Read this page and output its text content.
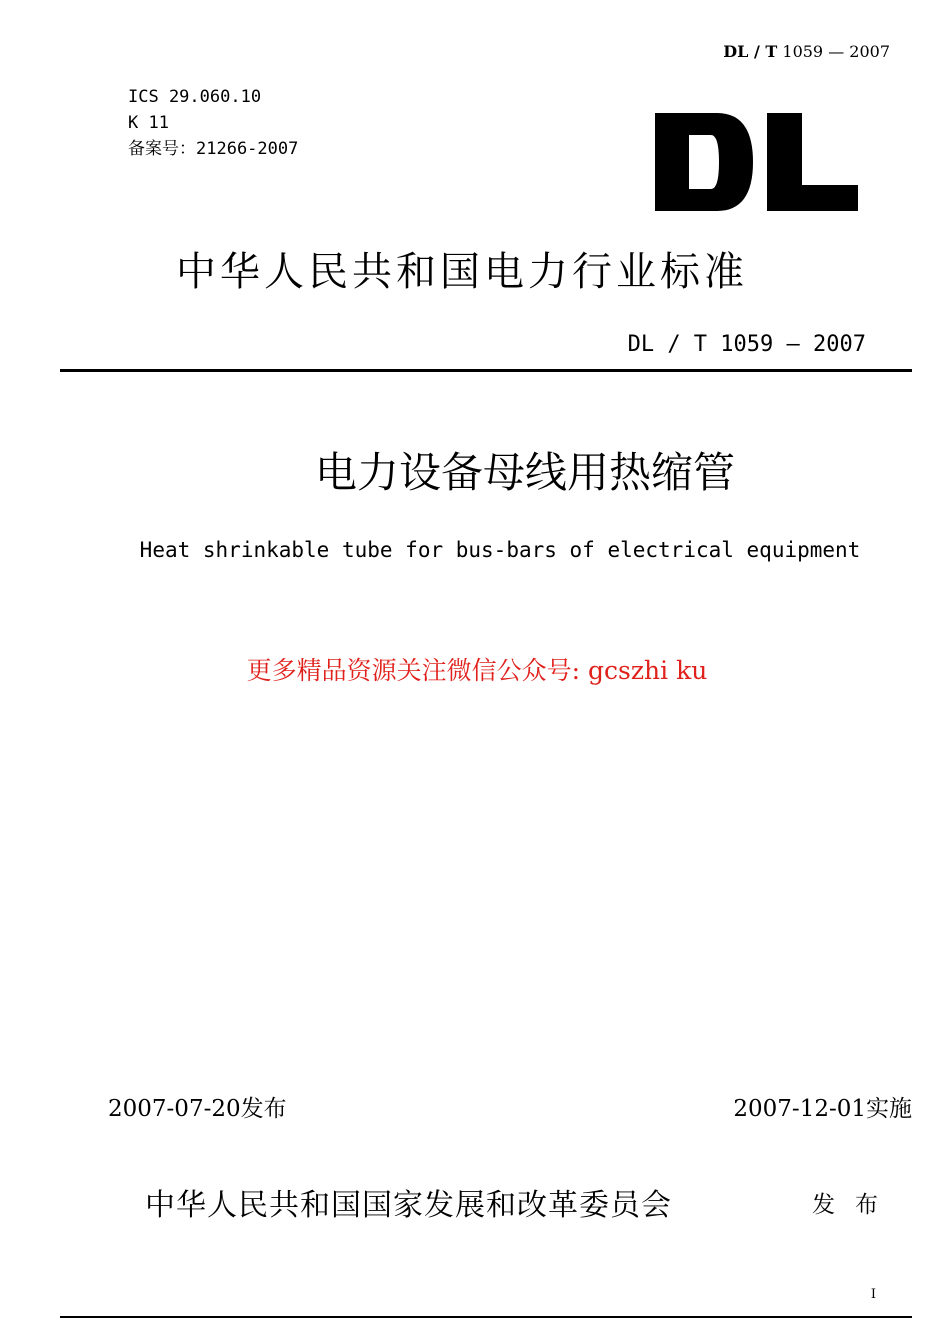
DL / T 1059 — 2007
ICS 29.060.10
K 11
备案号：21266-2007
中华人民共和国电力行业标准
DL / T 1059 — 2007
电力设备母线用热缩管
Heat shrinkable tube for bus-bars of electrical equipment
更多精品资源关注微信公众号: gcszhi ku
2007-07-20发布	2007-12-01实施
中华人民共和国国家发展和改革委员会	发布
I
